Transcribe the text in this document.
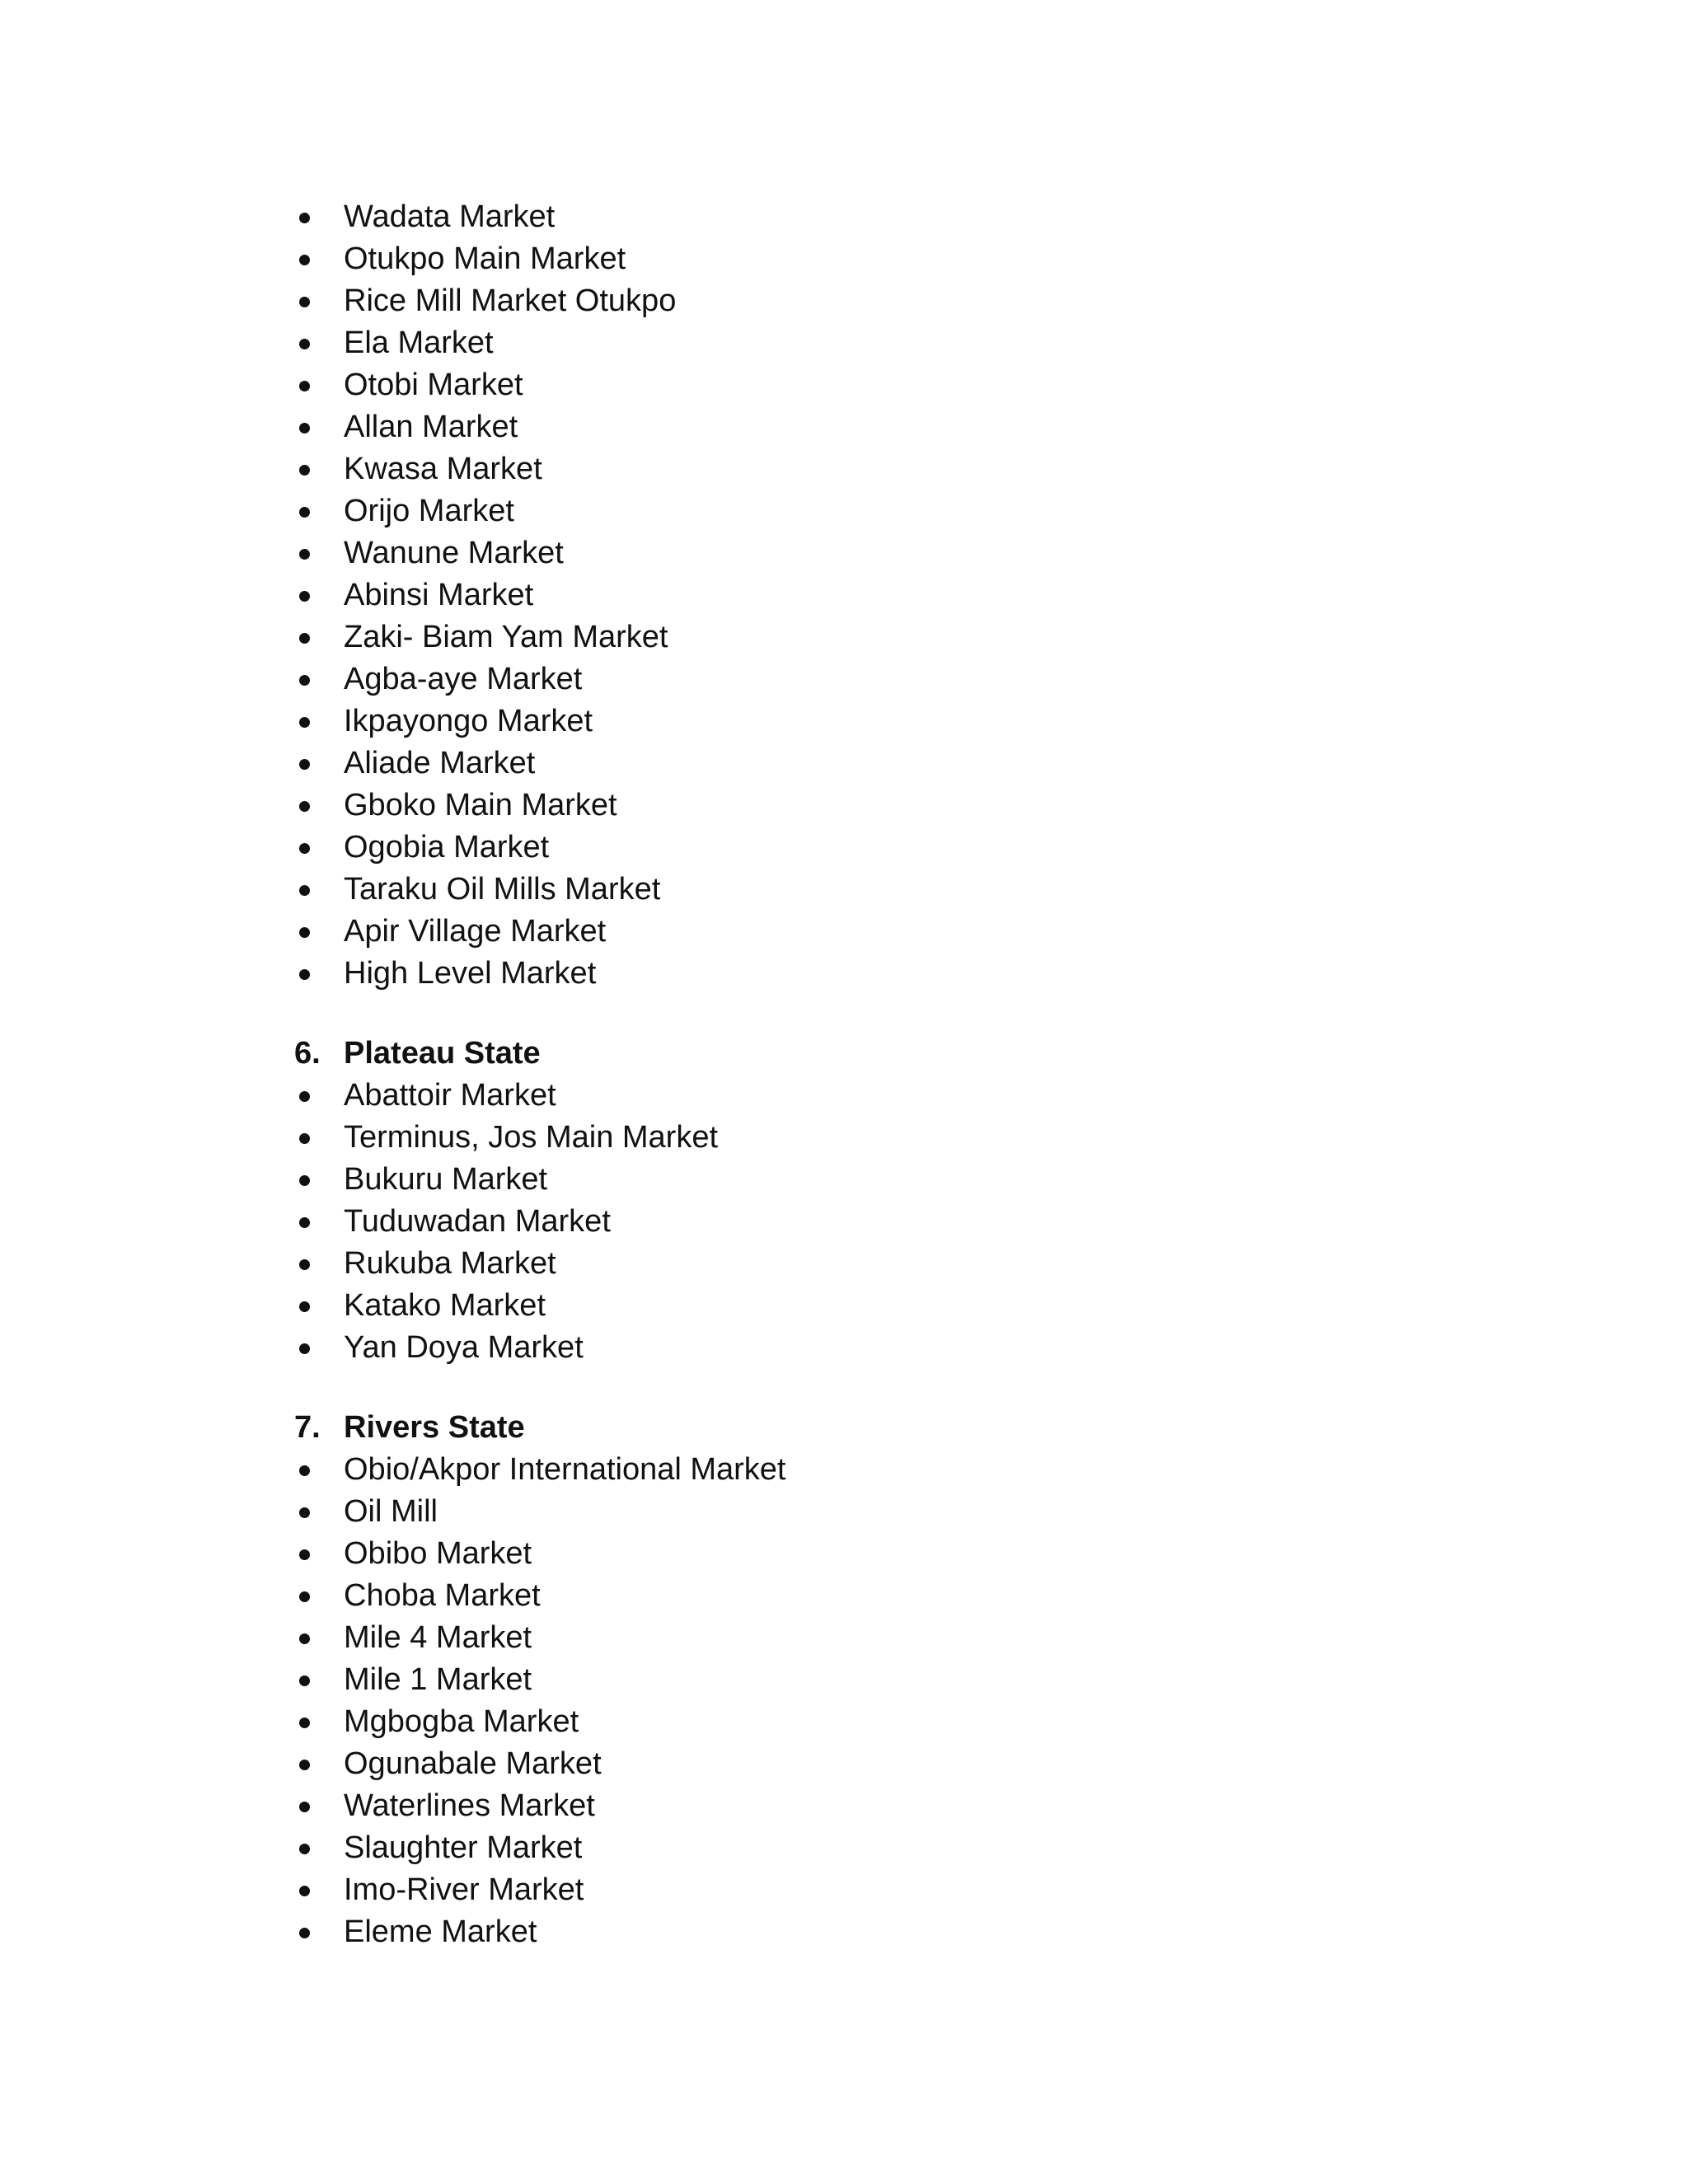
Wadata Market
Otukpo Main Market
Rice Mill Market Otukpo
Ela Market
Otobi Market
Allan Market
Kwasa Market
Orijo Market
Wanune Market
Abinsi Market
Zaki- Biam Yam Market
Agba-aye Market
Ikpayongo Market
Aliade Market
Gboko Main Market
Ogobia Market
Taraku Oil Mills Market
Apir Village Market
High Level Market
6. Plateau State
Abattoir Market
Terminus, Jos Main Market
Bukuru Market
Tuduwadan Market
Rukuba Market
Katako Market
Yan Doya Market
7. Rivers State
Obio/Akpor International Market
Oil Mill
Obibo Market
Choba Market
Mile 4 Market
Mile 1 Market
Mgbogba Market
Ogunabale Market
Waterlines Market
Slaughter Market
Imo-River Market
Eleme Market
